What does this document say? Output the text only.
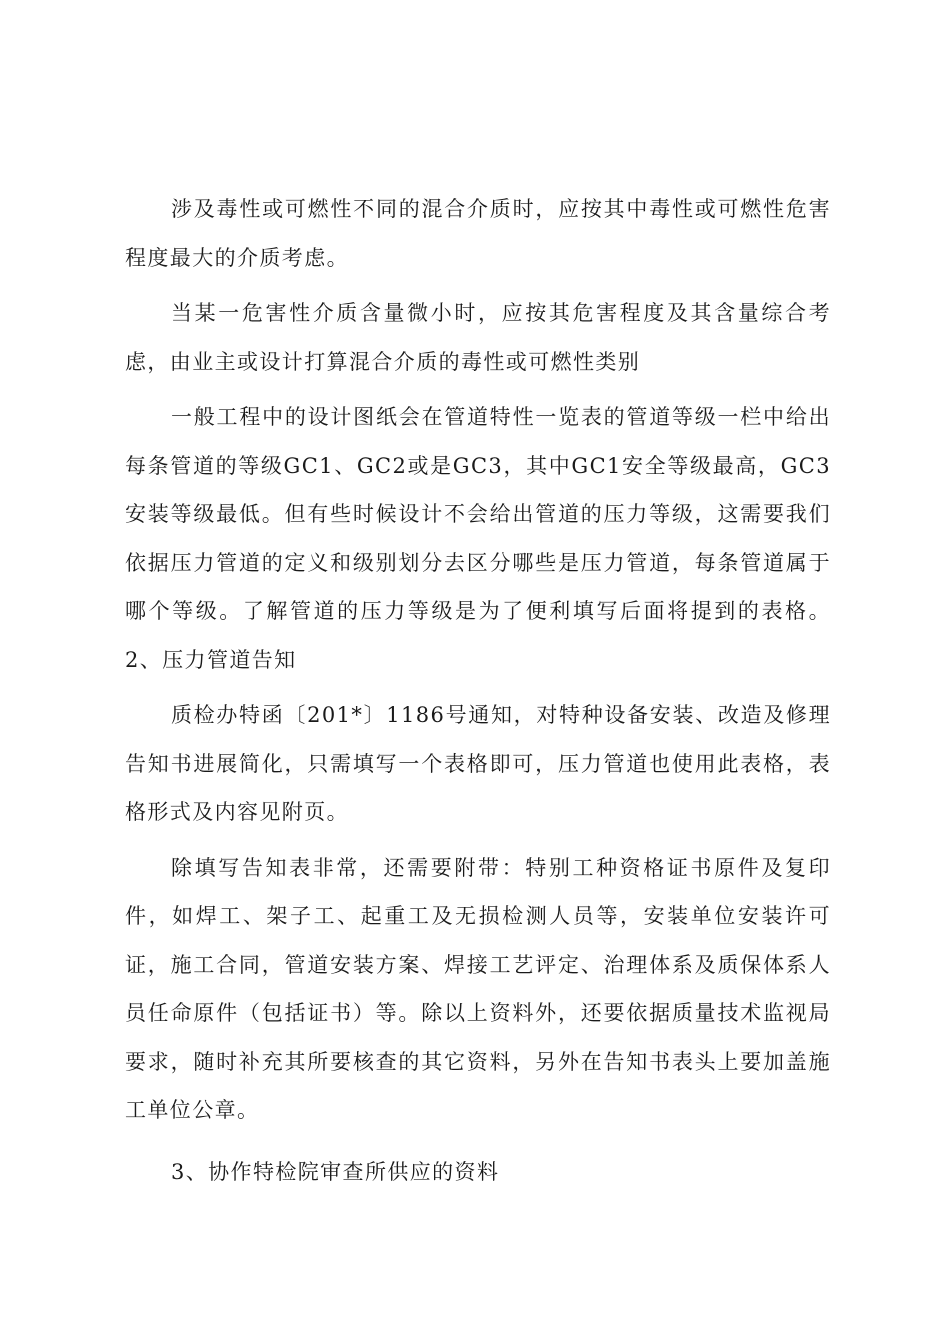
涉及毒性或可燃性不同的混合介质时，应按其中毒性或可燃性危害程度最大的介质考虑。

当某一危害性介质含量微小时，应按其危害程度及其含量综合考虑，由业主或设计打算混合介质的毒性或可燃性类别

一般工程中的设计图纸会在管道特性一览表的管道等级一栏中给出每条管道的等级GC1、GC2或是GC3，其中GC1安全等级最高，GC3安装等级最低。但有些时候设计不会给出管道的压力等级，这需要我们依据压力管道的定义和级别划分去区分哪些是压力管道，每条管道属于哪个等级。了解管道的压力等级是为了便利填写后面将提到的表格。2、压力管道告知

质检办特函〔201*〕1186号通知，对特种设备安装、改造及修理告知书进展简化，只需填写一个表格即可，压力管道也使用此表格，表格形式及内容见附页。

除填写告知表非常，还需要附带：特别工种资格证书原件及复印件，如焊工、架子工、起重工及无损检测人员等，安装单位安装许可证，施工合同，管道安装方案、焊接工艺评定、治理体系及质保体系人员任命原件（包括证书）等。除以上资料外，还要依据质量技术监视局要求，随时补充其所要核查的其它资料，另外在告知书表头上要加盖施工单位公章。

3、协作特检院审查所供应的资料
